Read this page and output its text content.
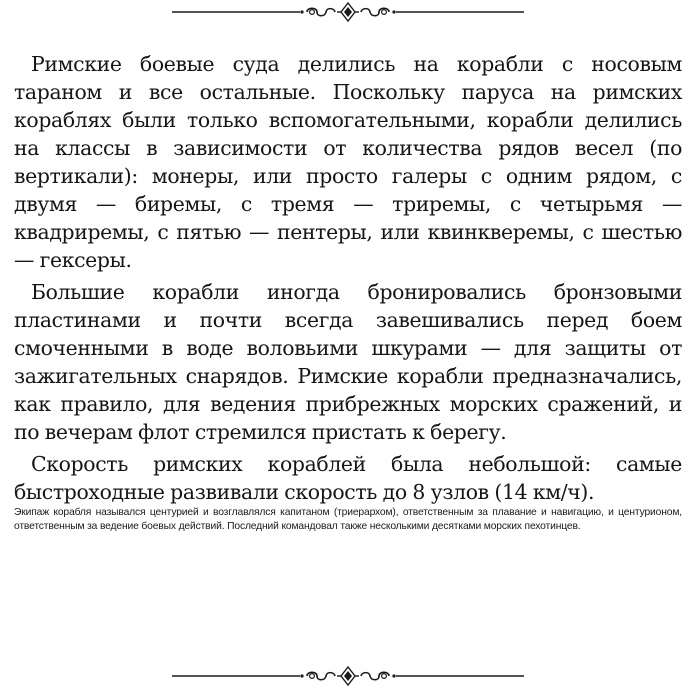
Римские боевые суда делились на корабли с носовым тараном и все остальные. Поскольку паруса на римских кораблях были только вспомогательными, корабли делились на классы в зависимости от количества рядов весел (по вертикали): монеры, или просто галеры с одним рядом, с двумя — биремы, с тремя — триремы, с четырьмя — квадриремы, с пятью — пентеры, или квинкверемы, с шестью — гексеры.

Большие корабли иногда бронировались бронзовыми пластинами и почти всегда завешивались перед боем смоченными в воде воловьими шкурами — для защиты от зажигательных снарядов. Римские корабли предназначались, как правило, для ведения прибрежных морских сражений, и по вечерам флот стремился пристать к берегу.

Скорость римских кораблей была небольшой: самые быстроходные развивали скорость до 8 узлов (14 км/ч).

Экипаж корабля назывался центурией и возглавлялся капитаном (триерархом), ответственным за плавание и навигацию, и центурионом, ответственным за ведение боевых действий. Последний командовал также несколькими десятками морских пехотинцев.
